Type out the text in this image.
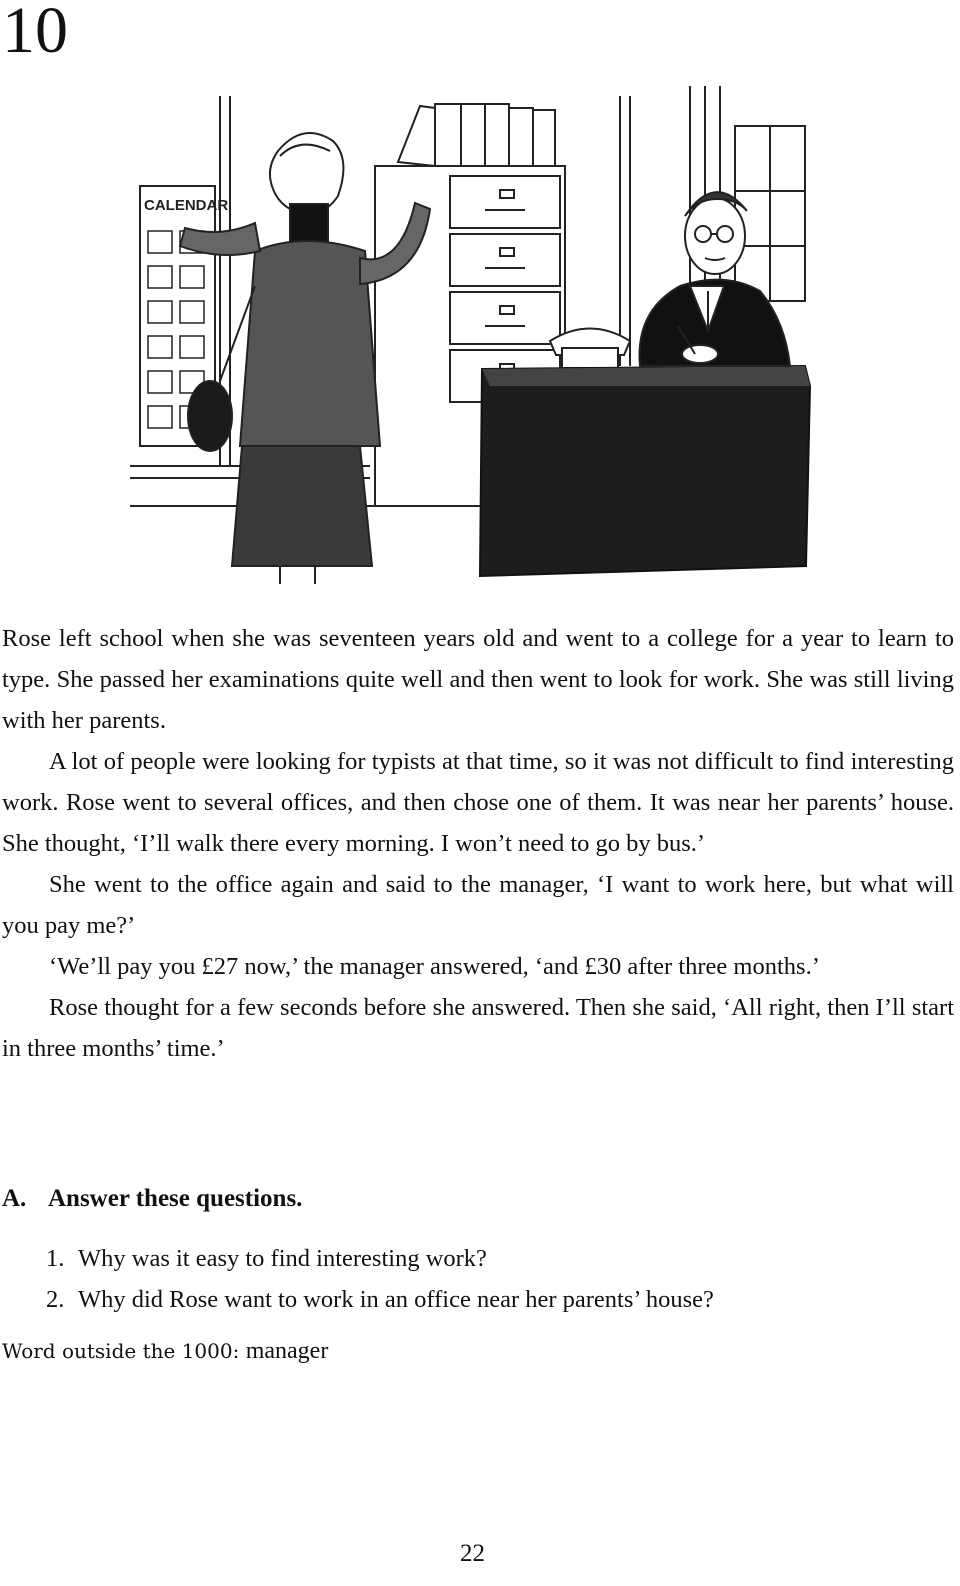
10
CALENDAR

Rose left school when she was seventeen years old and went to a college for a year to learn to type. She passed her examinations quite well and then went to look for work. She was still living with her parents.

A lot of people were looking for typists at that time, so it was not difficult to find interesting work. Rose went to several offices, and then chose one of them. It was near her parents’ house. She thought, ‘I’ll walk there every morning. I won’t need to go by bus.’

She went to the office again and said to the manager, ‘I want to work here, but what will you pay me?’

‘We’ll pay you £27 now,’ the manager answered, ‘and £30 after three months.’

Rose thought for a few seconds before she answered. Then she said, ‘All right, then I’ll start in three months’ time.’

A. Answer these questions.
1. Why was it easy to find interesting work?
2. Why did Rose want to work in an office near her parents’ house?
Word outside the 1000: manager
22
